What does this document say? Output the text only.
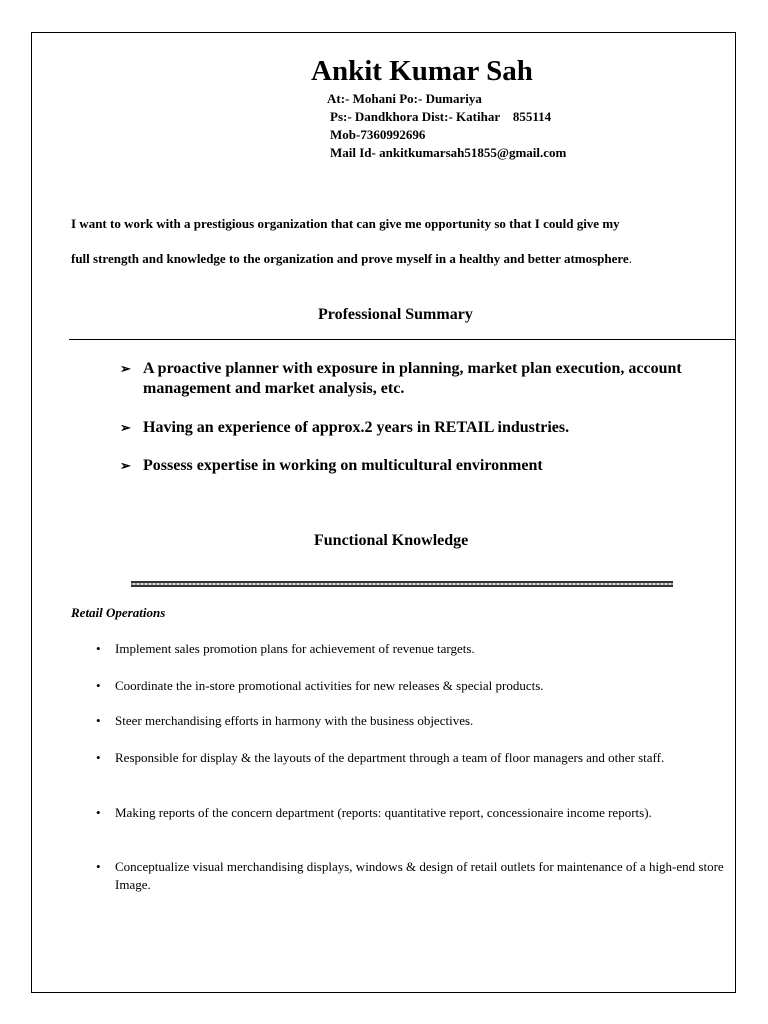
Ankit Kumar Sah
At:- Mohani Po:- Dumariya
Ps:- Dandkhora Dist:- Katihar    855114
Mob-7360992696
Mail Id- ankitkumarsah51855@gmail.com
I want to work with a prestigious organization that can give me opportunity so that I could give my
full strength and knowledge to the organization and prove myself in a healthy and better atmosphere.
Professional Summary
➢ A proactive planner with exposure in planning, market plan execution, account management and market analysis, etc.
➢ Having an experience of approx.2 years in RETAIL industries.
➢ Possess expertise in working on multicultural environment
Functional Knowledge
Retail Operations
• Implement sales promotion plans for achievement of revenue targets.
• Coordinate the in-store promotional activities for new releases & special products.
• Steer merchandising efforts in harmony with the business objectives.
• Responsible for display & the layouts of the department through a team of floor managers and other staff.
• Making reports of the concern department (reports: quantitative report, concessionaire income reports).
• Conceptualize visual merchandising displays, windows & design of retail outlets for maintenance of a high-end store Image.
